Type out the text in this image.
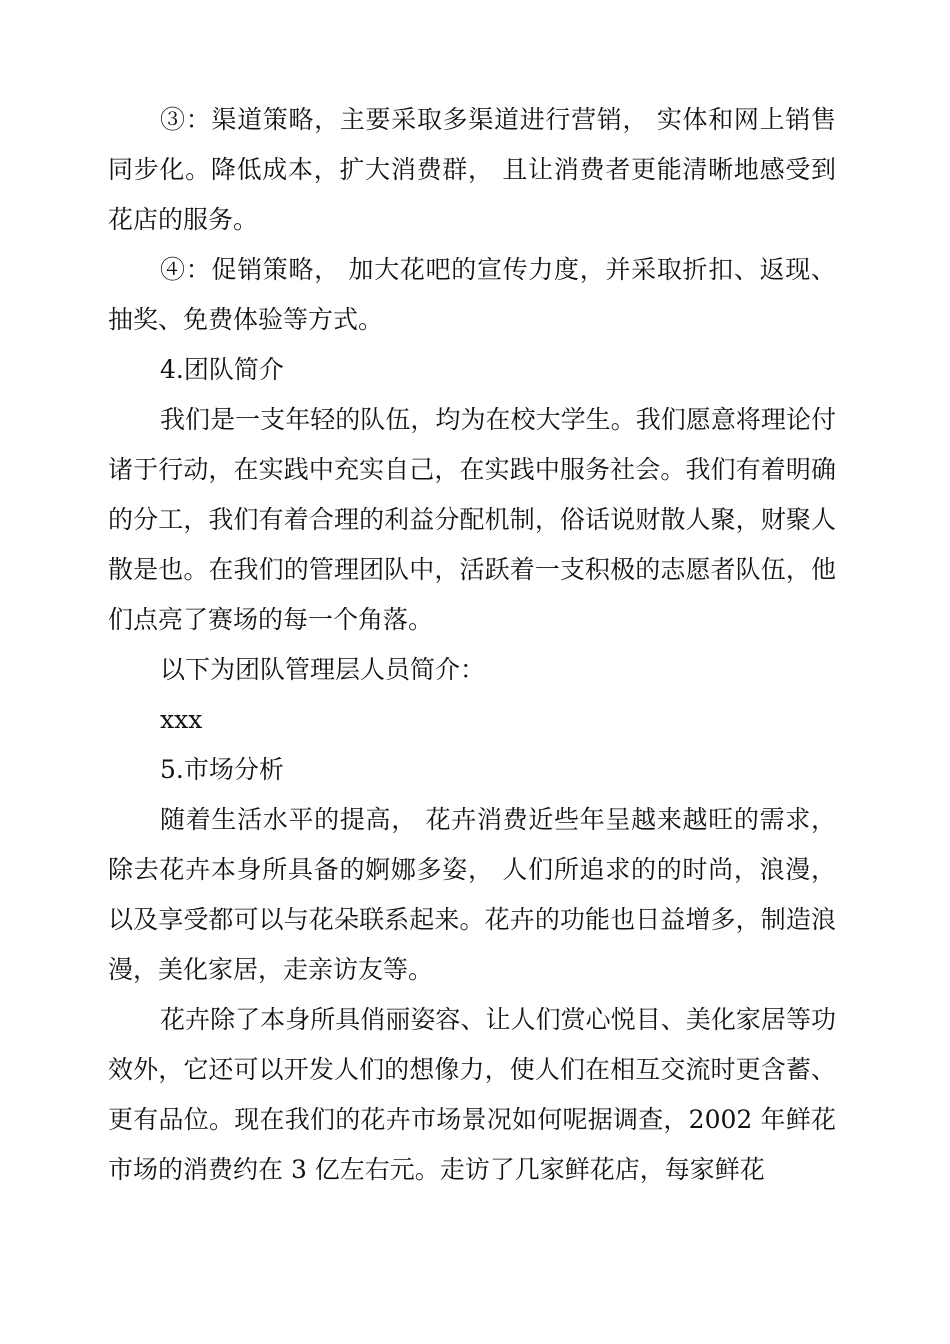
③：渠道策略，主要采取多渠道进行营销， 实体和网上销售同步化。降低成本，扩大消费群， 且让消费者更能清晰地感受到花店的服务。

④：促销策略， 加大花吧的宣传力度，并采取折扣、返现、抽奖、免费体验等方式。

4.团队简介

我们是一支年轻的队伍，均为在校大学生。我们愿意将理论付诸于行动，在实践中充实自己，在实践中服务社会。我们有着明确的分工，我们有着合理的利益分配机制，俗话说财散人聚，财聚人散是也。在我们的管理团队中，活跃着一支积极的志愿者队伍，他们点亮了赛场的每一个角落。

以下为团队管理层人员简介：

xxx

5.市场分析

随着生活水平的提高， 花卉消费近些年呈越来越旺的需求，除去花卉本身所具备的婀娜多姿， 人们所追求的的时尚，浪漫，以及享受都可以与花朵联系起来。花卉的功能也日益增多，制造浪漫，美化家居，走亲访友等。

花卉除了本身所具俏丽姿容、让人们赏心悦目、美化家居等功效外，它还可以开发人们的想像力，使人们在相互交流时更含蓄、更有品位。现在我们的花卉市场景况如何呢据调查，2002 年鲜花市场的消费约在 3 亿左右元。走访了几家鲜花店，每家鲜花
